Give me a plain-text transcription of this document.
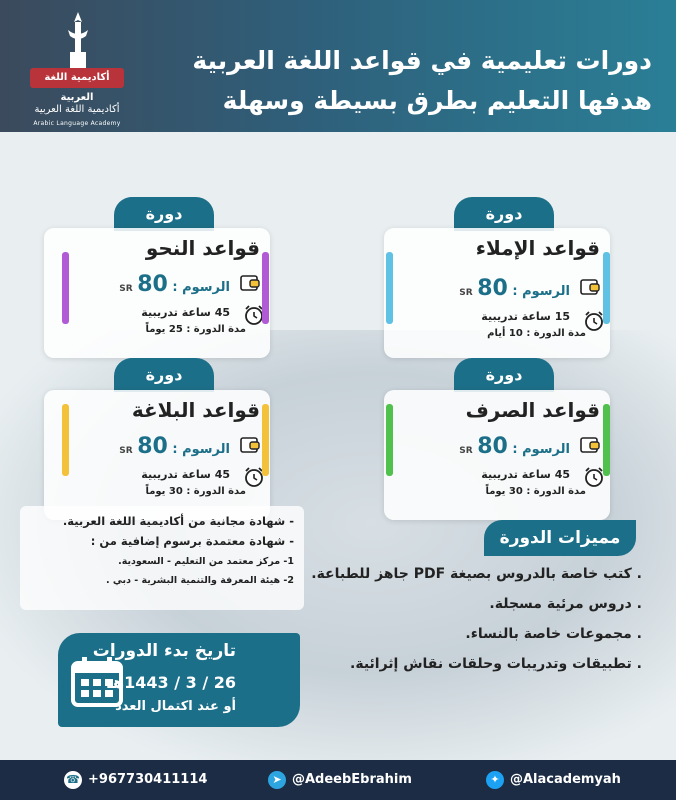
أكاديمية اللغة العربية
أكاديمية اللغة العربية
Arabic Language Academy
دورات تعليمية في قواعد اللغة العربية
هدفها التعليم بطرق بسيطة وسهلة
دورة
قواعد الإملاء
الرسوم : 80 SR
15 ساعة تدريبية
مدة الدورة : 10 أيام
دورة
قواعد النحو
الرسوم : 80 SR
45 ساعة تدريبية
مدة الدورة : 25 يوماً
دورة
قواعد الصرف
الرسوم : 80 SR
45 ساعة تدريبية
مدة الدورة : 30 يوماً
دورة
قواعد البلاغة
الرسوم : 80 SR
45 ساعة تدريبية
مدة الدورة : 30 يوماً
- شهادة مجانية من أكاديمية اللغة العربية.
- شهادة معتمدة برسوم إضافية من :
1- مركز معتمد من التعليم - السعودية.
2- هيئة المعرفة والتنمية البشرية - دبي .
مميزات الدورة
. كتب خاصة بالدروس بصيغة PDF جاهز للطباعة.
. دروس مرئية مسجلة.
. مجموعات خاصة بالنساء.
. تطبيقات وتدريبات وحلقات نقاش إثرائية.
تاريخ بدء الدورات
26 / 3 / 1443هـ
أو عند اكتمال العدد
☎ +967730411114	➤ @AdeebEbrahim	✦ @Alacademyah
